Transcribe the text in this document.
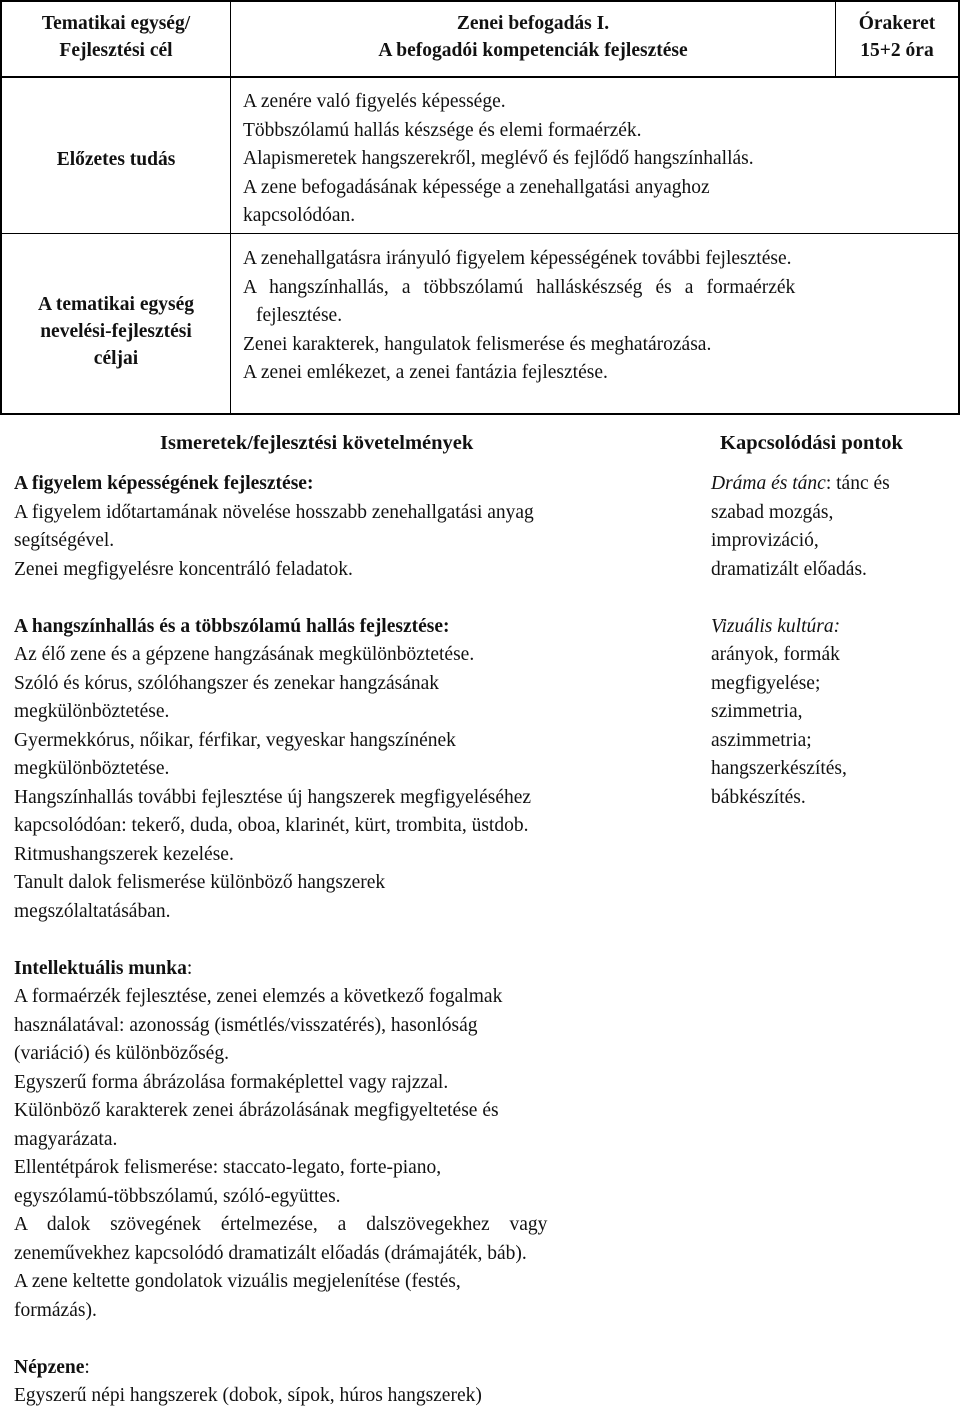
Tematikai egység/
Fejlesztési cél
Zenei befogadás I.
A befogadói kompetenciák fejlesztése
Órakeret
15+2 óra
Előzetes tudás
A zenére való figyelés képessége.
Többszólamú hallás készsége és elemi formaérzék.
Alapismeretek hangszerekről, meglévő és fejlődő hangszínhallás.
A zene befogadásának képessége a zenehallgatási anyaghoz
kapcsolódóan.
A tematikai egység
nevelési-fejlesztési
céljai
A zenehallgatásra irányuló figyelem képességének további fejlesztése.
A hangszínhallás, a többszólamú halláskészség és a formaérzék
fejlesztése.
Zenei karakterek, hangulatok felismerése és meghatározása.
A zenei emlékezet, a zenei fantázia fejlesztése.
Ismeretek/fejlesztési követelmények	Kapcsolódási pontok
A figyelem képességének fejlesztése:
A figyelem időtartamának növelése hosszabb zenehallgatási anyag
segítségével.
Zenei megfigyelésre koncentráló feladatok.
A hangszínhallás és a többszólamú hallás fejlesztése:
Az élő zene és a gépzene hangzásának megkülönböztetése.
Szóló és kórus, szólóhangszer és zenekar hangzásának
megkülönböztetése.
Gyermekkórus, nőikar, férfikar, vegyeskar hangszínének
megkülönböztetése.
Hangszínhallás további fejlesztése új hangszerek megfigyeléséhez
kapcsolódóan: tekerő, duda, oboa, klarinét, kürt, trombita, üstdob.
Ritmushangszerek kezelése.
Tanult dalok felismerése különböző hangszerek
megszólaltatásában.
Intellektuális munka:
A formaérzék fejlesztése, zenei elemzés a következő fogalmak
használatával: azonosság (ismétlés/visszatérés), hasonlóság
(variáció) és különbözőség.
Egyszerű forma ábrázolása formaképlettel vagy rajzzal.
Különböző karakterek zenei ábrázolásának megfigyeltetése és
magyarázata.
Ellentétpárok felismerése: staccato-legato, forte-piano,
egyszólamú-többszólamú, szóló-együttes.
A dalok szövegének értelmezése, a dalszövegekhez vagy
zeneművekhez kapcsolódó dramatizált előadás (drámajáték, báb).
A zene keltette gondolatok vizuális megjelenítése (festés,
formázás).
Népzene:
Egyszerű népi hangszerek (dobok, sípok, húros hangszerek)
Dráma és tánc: tánc és
szabad mozgás,
improvizáció,
dramatizált előadás.
Vizuális kultúra:
arányok, formák
megfigyelése;
szimmetria,
aszimmetria;
hangszerkészítés,
bábkészítés.
